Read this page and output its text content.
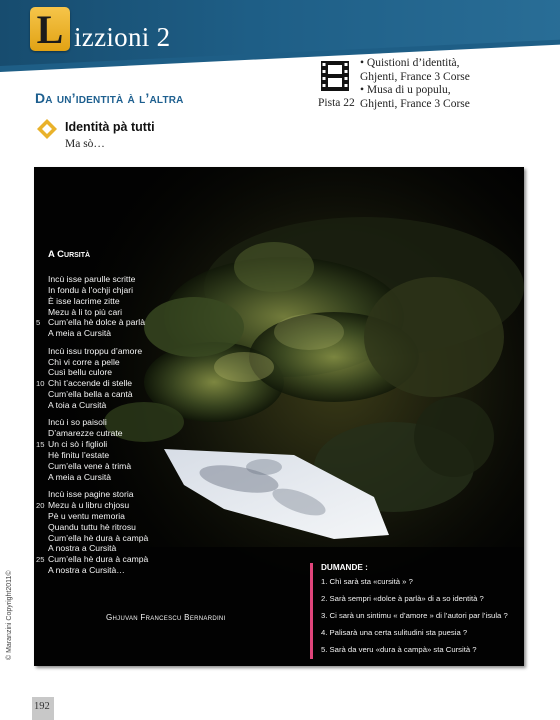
L izzioni 2
Da un’identità à l’altra	Pista 22
• Quistioni d’identità,
Ghjenti, France 3 Corse
• Musa di u populu,
Ghjenti, France 3 Corse
Identità pà tutti
Ma sò…
A Cursità
Incù isse parulle scritte
In fondu à l’ochji chjari
È isse lacrime zitte
Mezu à li to più cari
Cum’ella hè dolce à parlà
5
A meia a Cursità
Incù issu troppu d’amore
Chì vi corre a pelle
Cusì bellu culore
Chì t’accende di stelle
10
Cum’ella bella a cantà
A toia a Cursità
Incù i so paisoli
D’amarezze cutrate
Un ci sò i figlioli
15
Hè finitu l’estate
Cum’ella vene à trimà
A meia a Cursità
Incù isse pagine storia
Mezu à u libru chjosu
20
Pè u ventu memoria
Quandu tuttu hè ritrosu
Cum’ella hè dura à campà
A nostra a Cursità
Cum’ella hè dura à campà
25
A nostra a Cursità…
Ghjuvan Francescu Bernardini
DUMANDE :
1. Chì sarà sta «cursità » ?
2. Sarà sempri «dolce à parlà» di a so identità ?
3. Ci sarà un sintimu « d’amore » di l’autori par l’isula ?
4. Palisarà una certa sulitudini sta puesia ?
5. Sarà da veru «dura à campà» sta Cursità ?
© Maranzini Copyright2011©
192
